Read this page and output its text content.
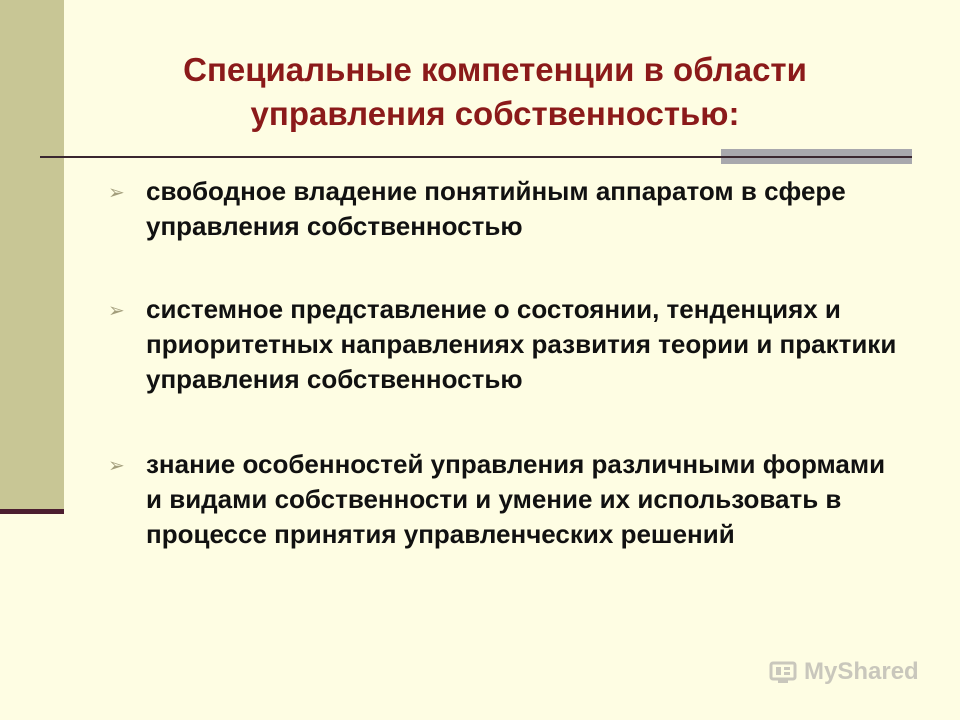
Специальные компетенции в области управления собственностью:
➢ свободное владение понятийным аппаратом в сфере управления собственностью
➢ системное представление о состоянии, тенденциях и приоритетных направлениях развития теории и практики управления собственностью
➢ знание особенностей управления различными формами и видами собственности и умение их использовать в процессе принятия управленческих решений
MyShared
